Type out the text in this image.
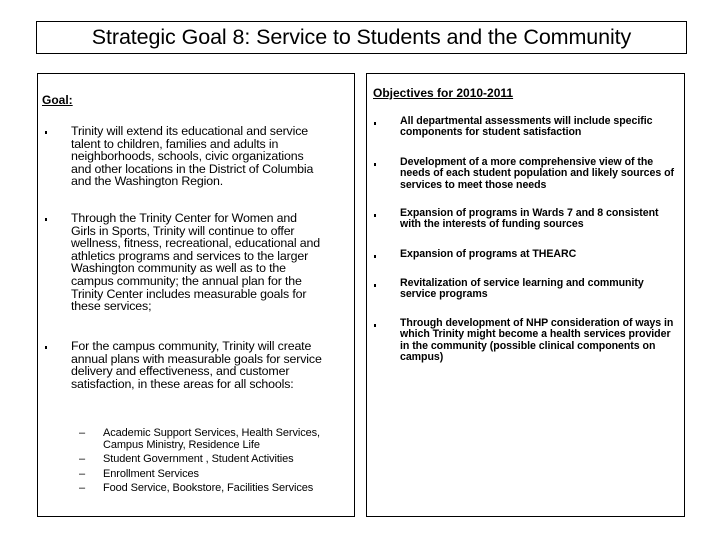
Strategic Goal 8: Service to Students and the Community
Goal:
Trinity will extend its educational and service talent to children, families and adults in neighborhoods, schools, civic organizations and other locations in the District of Columbia and the Washington Region.
Through the Trinity Center for Women and Girls in Sports, Trinity will continue to offer wellness, fitness, recreational, educational and athletics programs and services to the larger Washington community as well as to the campus community; the annual plan for the Trinity Center includes measurable goals for these services;
For the campus community, Trinity will create annual plans with measurable goals for service delivery and effectiveness, and customer satisfaction, in these areas for all schools:
– Academic Support Services, Health Services, Campus Ministry, Residence Life
– Student Government , Student Activities
– Enrollment Services
– Food Service, Bookstore, Facilities Services
Objectives for 2010-2011
All departmental assessments will include specific components for student satisfaction
Development of a more comprehensive view of the needs of each student population and likely sources of services to meet those needs
Expansion of programs in Wards 7 and 8 consistent with the interests of funding sources
Expansion of programs at THEARC
Revitalization of service learning and community service programs
Through development of NHP consideration of ways in which Trinity might become a health services provider in the community (possible clinical components on campus)
